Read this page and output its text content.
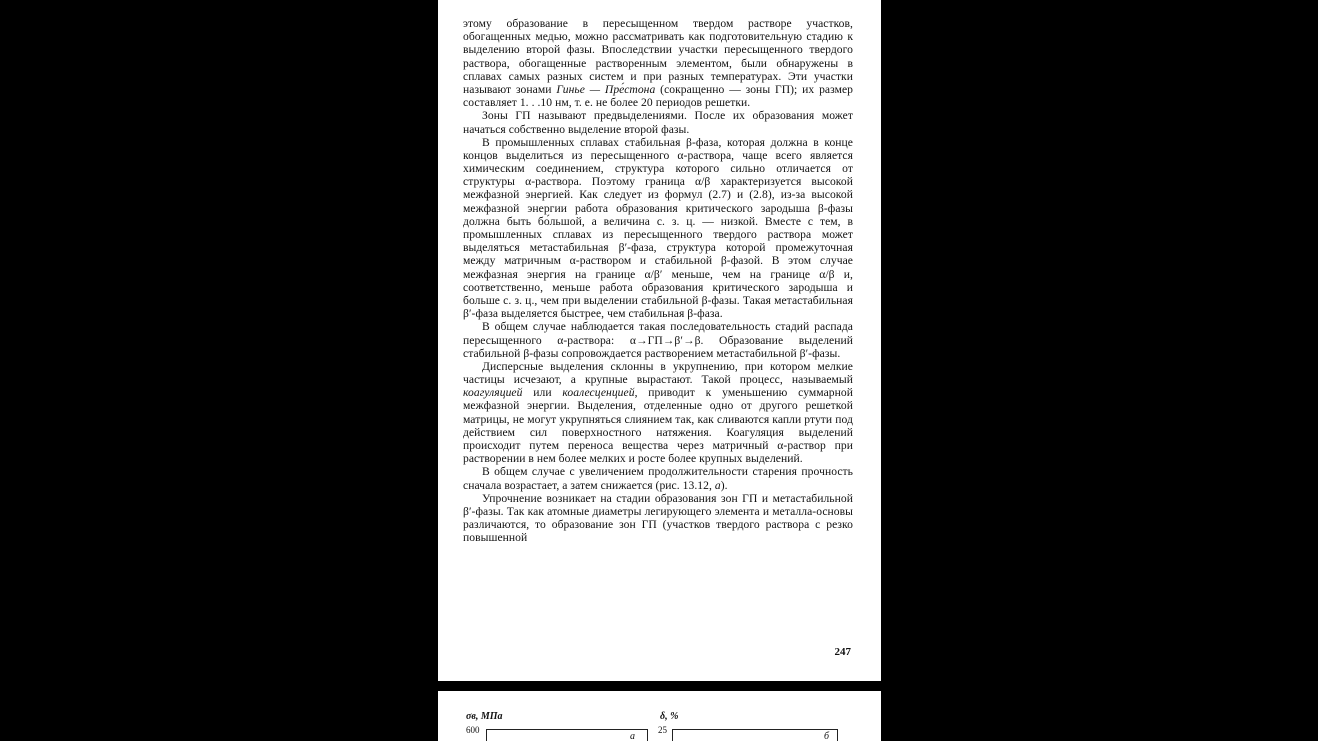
этому образование в пересыщенном твердом растворе участков, обогащенных медью, можно рассматривать как подготовительную стадию к выделению второй фазы. Впоследствии участки пересыщенного твердого раствора, обогащенные растворенным элементом, были обнаружены в сплавах самых разных систем и при разных температурах. Эти участки называют зонами Гинье — Пре́стона (сокращенно — зоны ГП); их размер составляет 1. . .10 нм, т. е. не более 20 периодов решетки.

Зоны ГП называют предвыделениями. После их образования может начаться собственно выделение второй фазы.

В промышленных сплавах стабильная β-фаза, которая должна в конце концов выделиться из пересыщенного α-раствора, чаще всего является химическим соединением, структура которого сильно отличается от структуры α-раствора. Поэтому граница α/β характеризуется высокой межфазной энергией. Как следует из формул (2.7) и (2.8), из-за высокой межфазной энергии работа образования критического зародыша β-фазы должна быть бо́льшой, а величина с. з. ц. — низкой. Вместе с тем, в промышленных сплавах из пересыщенного твердого раствора может выделяться метастабильная β′-фаза, структура которой промежуточная между матричным α-раствором и стабильной β-фазой. В этом случае межфазная энергия на границе α/β′ меньше, чем на границе α/β и, соответственно, меньше работа образования критического зародыша и больше с. з. ц., чем при выделении стабильной β-фазы. Такая метастабильная β′-фаза выделяется быстрее, чем стабильная β-фаза.

В общем случае наблюдается такая последовательность стадий распада пересыщенного α-раствора: α→ГП→β′→β. Образование выделений стабильной β-фазы сопровождается растворением метастабильной β′-фазы.

Дисперсные выделения склонны в укрупнению, при котором мелкие частицы исчезают, а крупные вырастают. Такой процесс, называемый коагуляцией или коалесценцией, приводит к уменьшению суммарной межфазной энергии. Выделения, отделенные одно от другого решеткой матрицы, не могут укрупняться слиянием так, как сливаются капли ртути под действием сил поверхностного натяжения. Коагуляция выделений происходит путем переноса вещества через матричный α-раствор при растворении в нем более мелких и росте более крупных выделений.

В общем случае с увеличением продолжительности старения прочность сначала возрастает, а затем снижается (рис. 13.12, а).

Упрочнение возникает на стадии образования зон ГП и метастабильной β′-фазы. Так как атомные диаметры легирующего элемента и металла-основы различаются, то образование зон ГП (участков твердого раствора с резко повышенной

247
σв, МПа
600
а
δ, %
25
б
